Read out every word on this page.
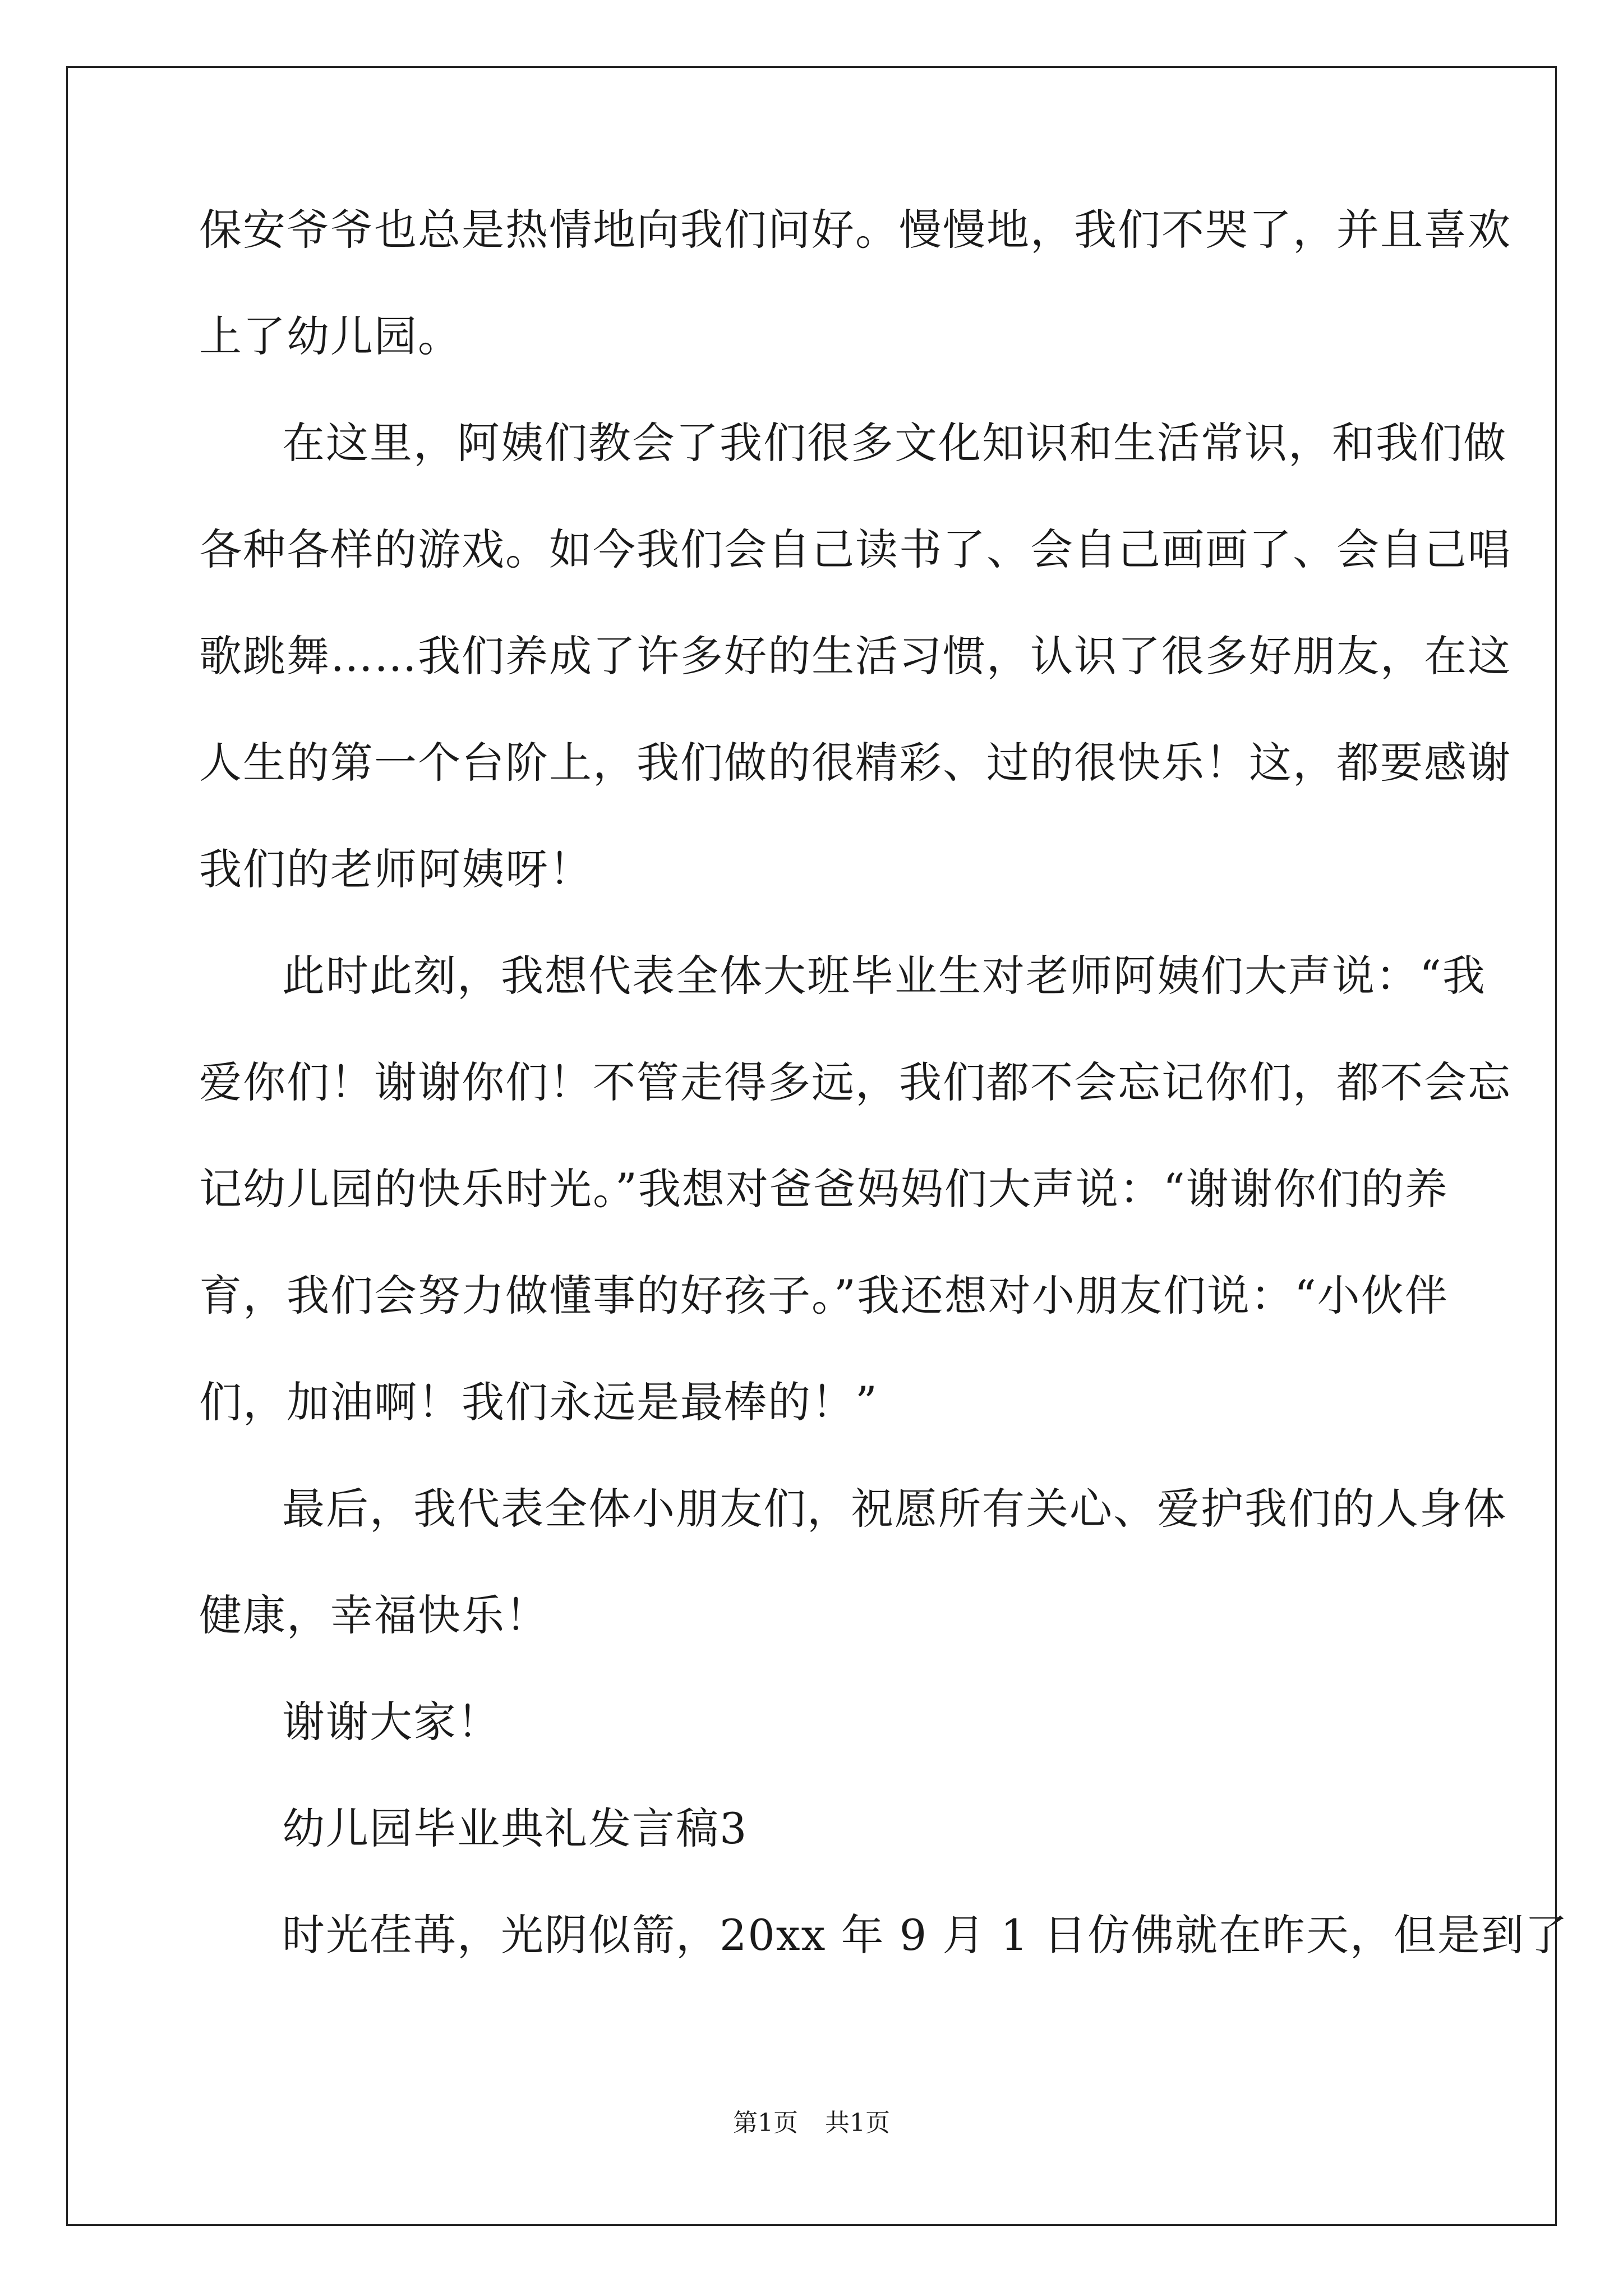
保安爷爷也总是热情地向我们问好。慢慢地，我们不哭了，并且喜欢
上了幼儿园。
在这里，阿姨们教会了我们很多文化知识和生活常识，和我们做
各种各样的游戏。如今我们会自己读书了、会自己画画了、会自己唱
歌跳舞……我们养成了许多好的生活习惯，认识了很多好朋友，在这
人生的第一个台阶上，我们做的很精彩、过的很快乐！这，都要感谢
我们的老师阿姨呀！
此时此刻，我想代表全体大班毕业生对老师阿姨们大声说：“我
爱你们！谢谢你们！不管走得多远，我们都不会忘记你们，都不会忘
记幼儿园的快乐时光。”我想对爸爸妈妈们大声说：“谢谢你们的养
育，我们会努力做懂事的好孩子。”我还想对小朋友们说：“小伙伴
们，加油啊！我们永远是最棒的！”
最后，我代表全体小朋友们，祝愿所有关心、爱护我们的人身体
健康，幸福快乐！
谢谢大家！
幼儿园毕业典礼发言稿3
时光荏苒，光阴似箭，20xx 年 9 月 1 日仿佛就在昨天，但是到了
第1页 共1页
